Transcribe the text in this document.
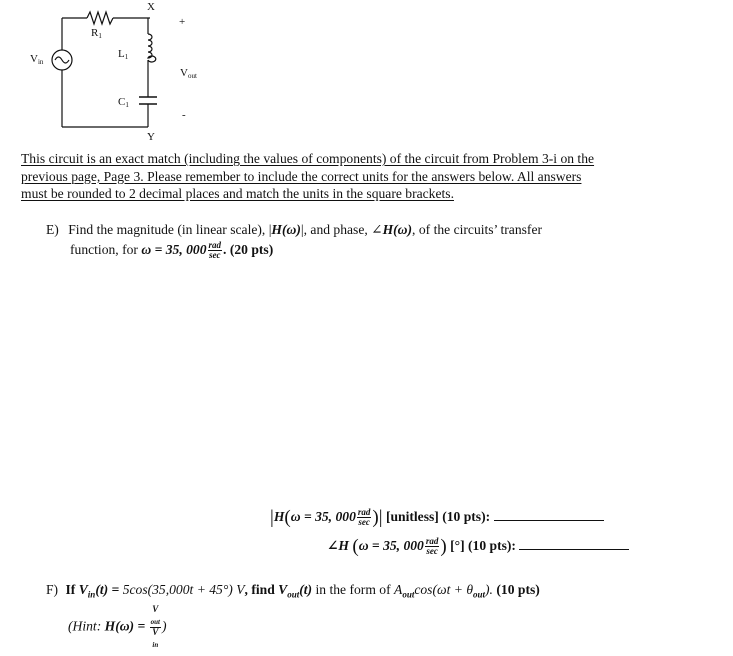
X
Y
R1
L1
C1
Vin
Vout
+
-
This circuit is an exact match (including the values of components) of the circuit from Problem 3-i on the
previous page, Page 3. Please remember to include the correct units for the answers below. All answers
must be rounded to 2 decimal places and match the units in the square brackets.
E) Find the magnitude (in linear scale), |H(ω)|, and phase, ∠H(ω), of the circuits’ transfer
function, for ω = 35, $000 \frac{\text{rad}}{\sec}$ . (20 pts)
|H(ω = 35, $000 \frac{\text{rad}}{\sec}$ )| [unitless] (10 pts):
∠H (ω = 35, $000 \frac{\text{rad}}{\sec}$ ) [°] (10 pts):
F) If $V_{in}(t) = 5\cos(35,000t + 45^\circ)$ V, find $V_{out}(t)$ in the form of $A_{out}\cos(\omega t + \theta_{out})$. (10 pts)
(Hint: H(ω) = V
$_{out}$
V
$_{in}$ )
